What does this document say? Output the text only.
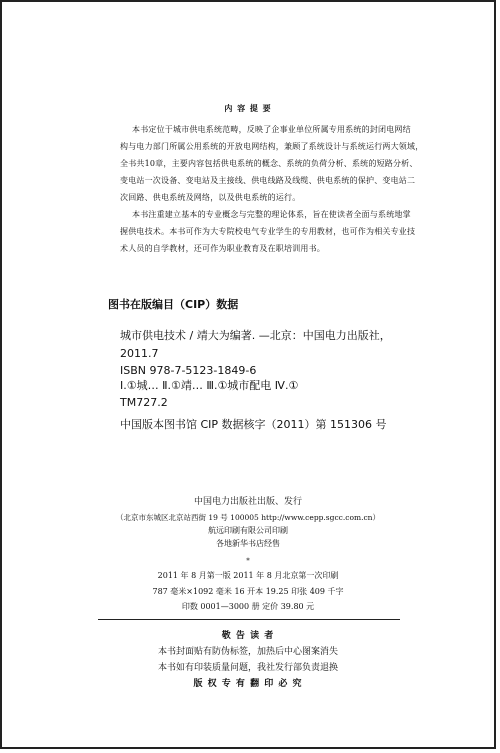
内 容 提 要
本书定位于城市供电系统范畴，反映了企事业单位所属专用系统的封闭电网结
构与电力部门所属公用系统的开放电网结构，兼顾了系统设计与系统运行两大领域，
全书共10章，主要内容包括供电系统的概念、系统的负荷分析、系统的短路分析、
变电站一次设备、变电站及主接线、供电线路及线缆、供电系统的保护、变电站二
次回路、供电系统及网络，以及供电系统的运行。
本书注重建立基本的专业概念与完整的理论体系，旨在使读者全面与系统地掌
握供电技术。本书可作为大专院校电气专业学生的专用教材，也可作为相关专业技
术人员的自学教材，还可作为职业教育及在职培训用书。
图书在版编目（CIP）数据
城市供电技术 / 靖大为编著. —北京：中国电力出版社，
2011.7
ISBN 978-7-5123-1849-6
Ⅰ.①城… Ⅱ.①靖… Ⅲ.①城市配电 Ⅳ.①
TM727.2
中国版本图书馆 CIP 数据核字（2011）第 151306 号
中国电力出版社出版、发行
（北京市东城区北京站西街 19 号 100005 http://www.cepp.sgcc.com.cn）
航远印刷有限公司印刷
各地新华书店经售
*
2011 年 8 月第一版 2011 年 8 月北京第一次印刷
787 毫米×1092 毫米 16 开本 19.25 印张 409 千字
印数 0001—3000 册 定价 39.80 元
敬 告 读 者
本书封面贴有防伪标签，加热后中心图案消失
本书如有印装质量问题，我社发行部负责退换
版 权 专 有 翻 印 必 究
